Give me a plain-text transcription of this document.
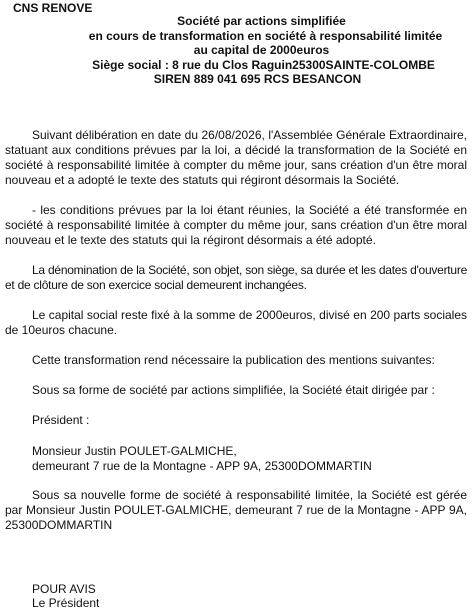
CNS RENOVE
Société par actions simplifiée
en cours de transformation en société à responsabilité limitée
au capital de 2000euros
Siège social : 8 rue du Clos Raguin25300SAINTE-COLOMBE
SIREN 889 041 695 RCS BESANCON

Suivant délibération en date du 26/08/2026, l'Assemblée Générale Extraordinaire, statuant aux conditions prévues par la loi, a décidé la transformation de la Société en société à responsabilité limitée à compter du même jour, sans création d'un être moral nouveau et a adopté le texte des statuts qui régiront désormais la Société.

- les conditions prévues par la loi étant réunies, la Société a été transformée en société à responsabilité limitée à compter du même jour, sans création d'un être moral nouveau et le texte des statuts qui la régiront désormais a été adopté.

La dénomination de la Société, son objet, son siège, sa durée et les dates d'ouverture et de clôture de son exercice social demeurent inchangées.

Le capital social reste fixé à la somme de 2000euros, divisé en 200 parts sociales de 10euros chacune.

Cette transformation rend nécessaire la publication des mentions suivantes:

Sous sa forme de société par actions simplifiée, la Société était dirigée par :

Président :

Monsieur Justin POULET-GALMICHE,
demeurant 7 rue de la Montagne - APP 9A, 25300DOMMARTIN

Sous sa nouvelle forme de société à responsabilité limitée, la Société est gérée par Monsieur Justin POULET-GALMICHE, demeurant 7 rue de la Montagne - APP 9A, 25300DOMMARTIN

POUR AVIS
Le Président
